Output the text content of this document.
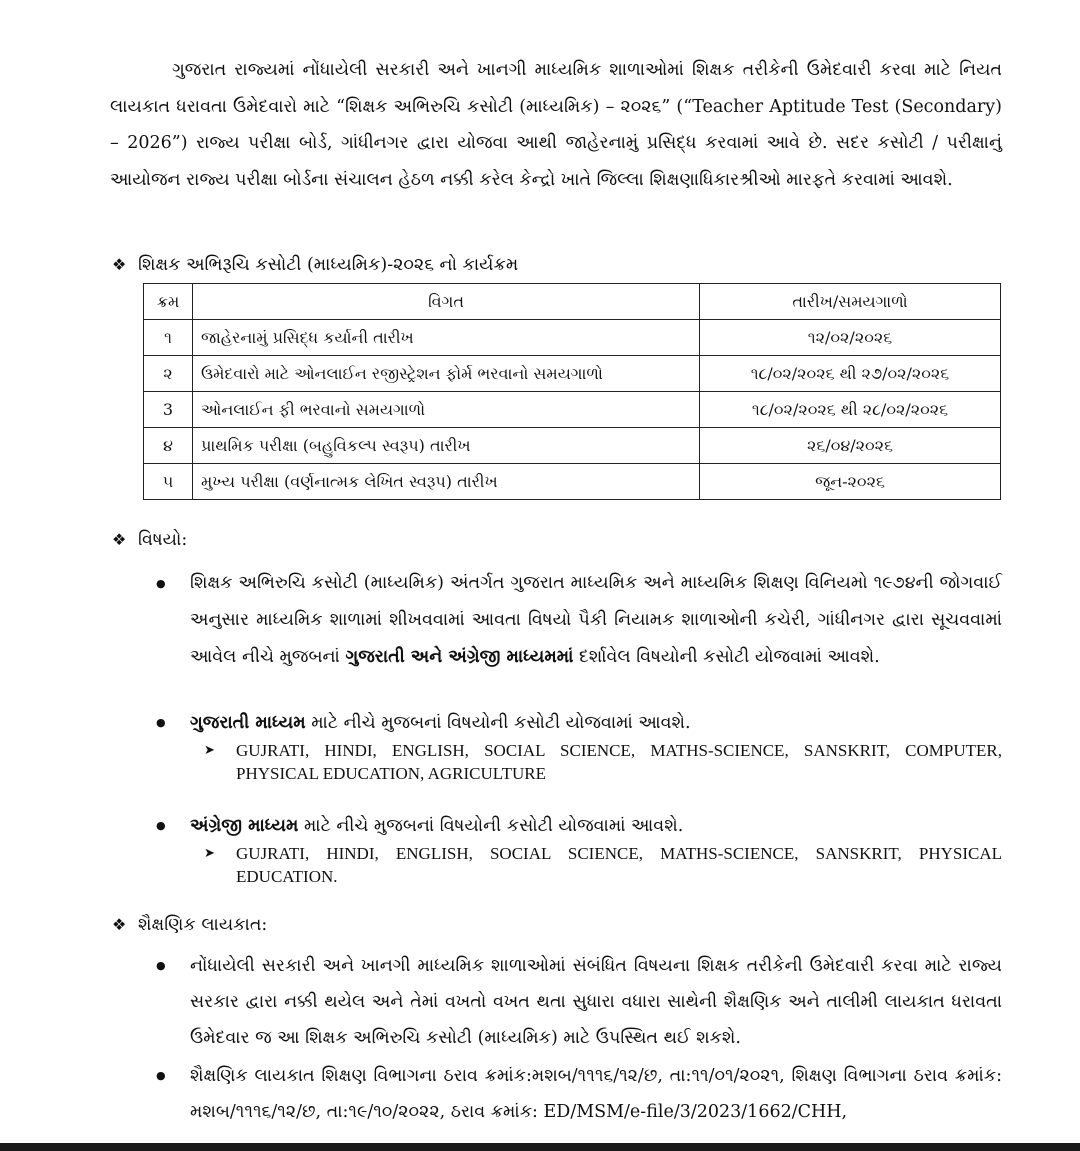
ગુજરાત રાજ્યમાં નોંધાયેલી સરકારી અને ખાનગી માધ્યમિક શાળાઓમાં શિક્ષક તરીકેની ઉમેદવારી કરવા માટે નિયત લાયકાત ધરાવતા ઉમેદવારો માટે “શિક્ષક અભિરુચિ કસોટી (માધ્યમિક) – ૨૦૨૬” (“Teacher Aptitude Test (Secondary) – 2026”) રાજ્ય પરીક્ષા બોર્ડ, ગાંધીનગર દ્વારા યોજવા આથી જાહેરનામું પ્રસિદ્ધ કરવામાં આવે છે. સદર કસોટી / પરીક્ષાનું આયોજન રાજ્ય પરીક્ષા બોર્ડના સંચાલન હેઠળ નક્કી કરેલ કેન્દ્રો ખાતે જિલ્લા શિક્ષણાધિકારશ્રીઓ મારફતે કરવામાં આવશે.

❖ શિક્ષક અભિરૂચિ કસોટી (માધ્યમિક)-૨૦૨૬ નો કાર્યક્રમ

ક્રમ	વિગત	તારીખ/સમયગાળો
૧	જાહેરનામું પ્રસિદ્ધ કર્યાની તારીખ	૧૨/૦૨/૨૦૨૬
૨	ઉમેદવારો માટે ઓનલાઈન રજીસ્ટ્રેશન ફોર્મ ભરવાનો સમયગાળો	૧૮/૦૨/૨૦૨૬ થી ૨૭/૦૨/૨૦૨૬
3	ઓનલાઈન ફી ભરવાનો સમયગાળો	૧૮/૦૨/૨૦૨૬ થી ૨૮/૦૨/૨૦૨૬
૪	પ્રાથમિક પરીક્ષા (બહુવિકલ્પ સ્વરૂપ) તારીખ	૨૬/૦૪/૨૦૨૬
૫	મુખ્ય પરીક્ષા (વર્ણનાત્મક લેખિત સ્વરૂપ) તારીખ	જૂન-૨૦૨૬

❖ વિષયો:

● શિક્ષક અભિરુચિ કસોટી (માધ્યમિક) અંતર્ગત ગુજરાત માધ્યમિક અને માધ્યમિક શિક્ષણ વિનિયમો ૧૯૭૪ની જોગવાઈ અનુસાર માધ્યમિક શાળામાં શીખવવામાં આવતા વિષયો પૈકી નિયામક શાળાઓની કચેરી, ગાંધીનગર દ્વારા સૂચવવામાં આવેલ નીચે મુજબનાં ગુજરાતી અને અંગ્રેજી માધ્યમમાં દર્શાવેલ વિષયોની કસોટી યોજવામાં આવશે.

● ગુજરાતી માધ્યમ માટે નીચે મુજબનાં વિષયોની કસોટી યોજવામાં આવશે.

➤ GUJRATI, HINDI, ENGLISH, SOCIAL SCIENCE, MATHS-SCIENCE, SANSKRIT, COMPUTER, PHYSICAL EDUCATION, AGRICULTURE

● અંગ્રેજી માધ્યમ માટે નીચે મુજબનાં વિષયોની કસોટી યોજવામાં આવશે.

➤ GUJRATI, HINDI, ENGLISH, SOCIAL SCIENCE, MATHS-SCIENCE, SANSKRIT, PHYSICAL EDUCATION.

❖ શૈક્ષણિક લાયકાત:

● નોંધાયેલી સરકારી અને ખાનગી માધ્યમિક શાળાઓમાં સંબંધિત વિષયના શિક્ષક તરીકેની ઉમેદવારી કરવા માટે રાજ્ય સરકાર દ્વારા નક્કી થયેલ અને તેમાં વખતો વખત થતા સુધારા વધારા સાથેની શૈક્ષણિક અને તાલીમી લાયકાત ધરાવતા ઉમેદવાર જ આ શિક્ષક અભિરુચિ કસોટી (માધ્યમિક) માટે ઉપસ્થિત થઈ શકશે.

● શૈક્ષણિક લાયકાત શિક્ષણ વિભાગના ઠરાવ ક્રમાંક:મશબ/૧૧૧૬/૧૨/છ, તા:૧૧/૦૧/૨૦૨૧, શિક્ષણ વિભાગના ઠરાવ ક્રમાંક: મશબ/૧૧૧૬/૧૨/છ, તા:૧૯/૧૦/૨૦૨૨, ઠરાવ ક્રમાંક: ED/MSM/e-file/3/2023/1662/CHH,
